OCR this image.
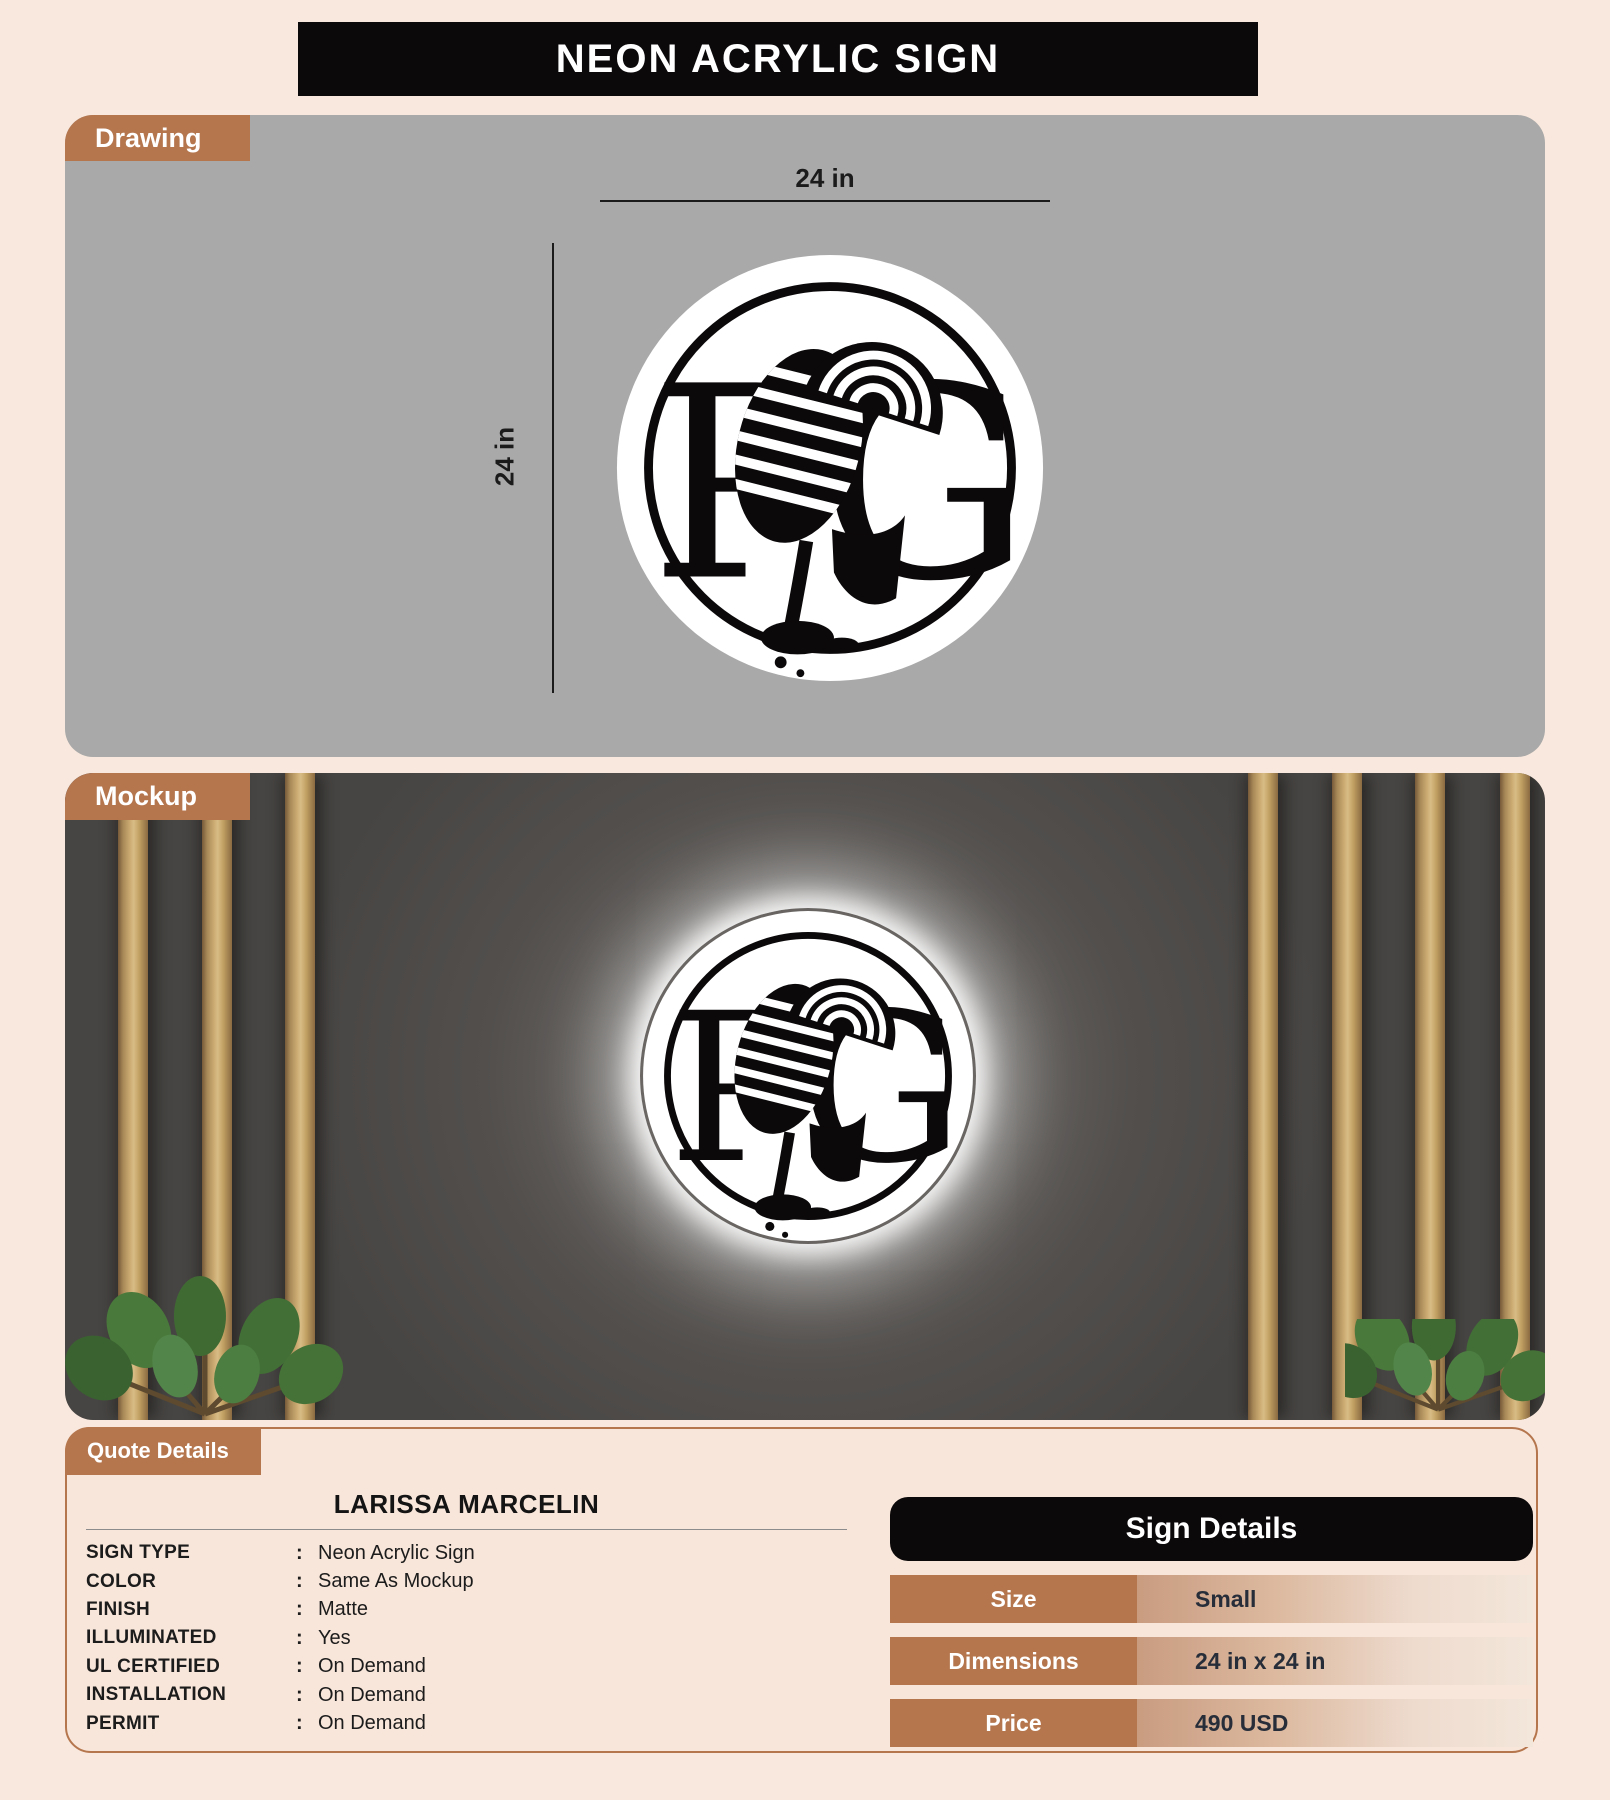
NEON ACRYLIC SIGN
Drawing
24 in
24 in
Mockup
Quote Details
LARISSA MARCELIN
SIGN TYPE	: Neon Acrylic Sign
COLOR	: Same As Mockup
FINISH	: Matte
ILLUMINATED	: Yes
UL CERTIFIED	: On Demand
INSTALLATION	: On Demand
PERMIT	: On Demand
Sign Details
Size	Small
Dimensions	24 in x 24 in
Price	490 USD
